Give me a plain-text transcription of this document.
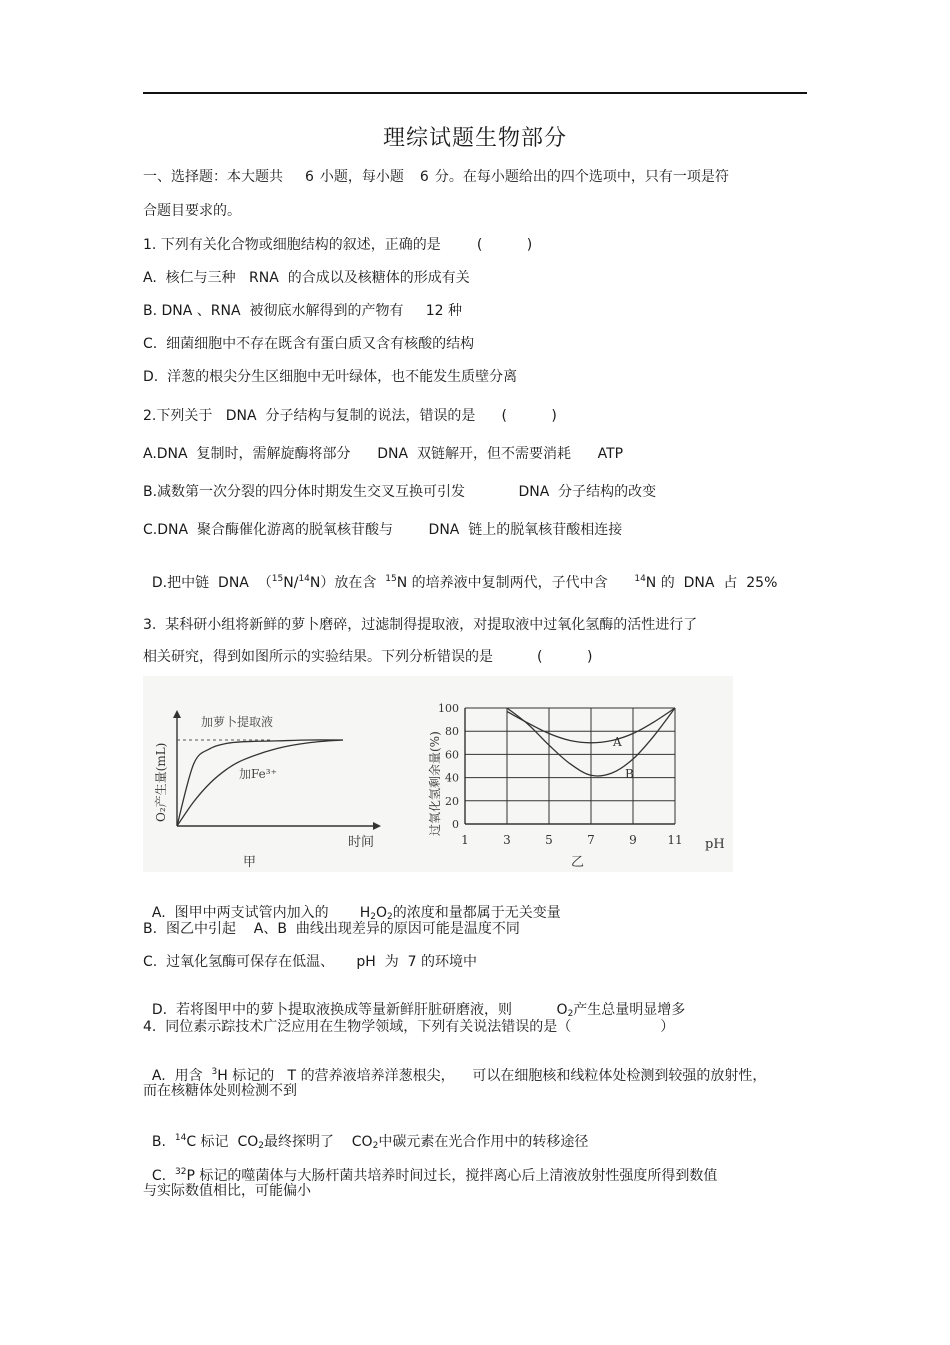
理综试题生物部分
一、选择题：本大题共 6 小题，每小题 6 分。在每小题给出的四个选项中，只有一项是符
合题目要求的。
1. 下列有关化合物或细胞结构的叙述，正确的是	(          )
A.  核仁与三种   RNA  的合成以及核糖体的形成有关
B. DNA 、RNA  被彻底水解得到的产物有     12 种
C.  细菌细胞中不存在既含有蛋白质又含有核酸的结构
D.  洋葱的根尖分生区细胞中无叶绿体，也不能发生质壁分离
2.下列关于   DNA  分子结构与复制的说法，错误的是 (          )
A.DNA  复制时，需解旋酶将部分      DNA  双链解开，但不需要消耗      ATP
B.减数第一次分裂的四分体时期发生交叉互换可引发            DNA  分子结构的改变
C.DNA  聚合酶催化游离的脱氧核苷酸与        DNA  链上的脱氧核苷酸相连接

D.把中链  DNA  （$^{15}$N/$^{14}$N）放在含  $^{15}$N 的培养液中复制两代，子代中含      $^{14}$N 的  DNA  占  25%

3.  某科研小组将新鲜的萝卜磨碎，过滤制得提取液，对提取液中过氧化氢酶的活性进行了
相关研究，得到如图所示的实验结果。下列分析错误的是	(          )
加萝卜提取液
加Fe³⁺
O₂产生量(mL)
时间
甲
0
20
40
60
80
100
1	3	5	7	9	11
A
B
过氧化氢剩余量(%)
pH
乙

A.  图甲中两支试管内加入的       $H_2O_2$的浓度和量都属于无关变量

B.  图乙中引起    A、B  曲线出现差异的原因可能是温度不同
C.  过氧化氢酶可保存在低温、     pH  为  7 的环境中

D.  若将图甲中的萝卜提取液换成等量新鲜肝脏研磨液，则          $O_2$产生总量明显增多

4.  同位素示踪技术广泛应用在生物学领域，下列有关说法错误的是（                    ）

A.  用含  $^3$H 标记的   T 的营养液培养洋葱根尖，    可以在细胞核和线粒体处检测到较强的放射性，

而在核糖体处则检测不到

B.  $^{14}$C 标记  $CO_2$最终探明了    $CO_2$中碳元素在光合作用中的转移途径

C.  $^{32}$P 标记的噬菌体与大肠杆菌共培养时间过长，搅拌离心后上清液放射性强度所得到数值

与实际数值相比，可能偏小
